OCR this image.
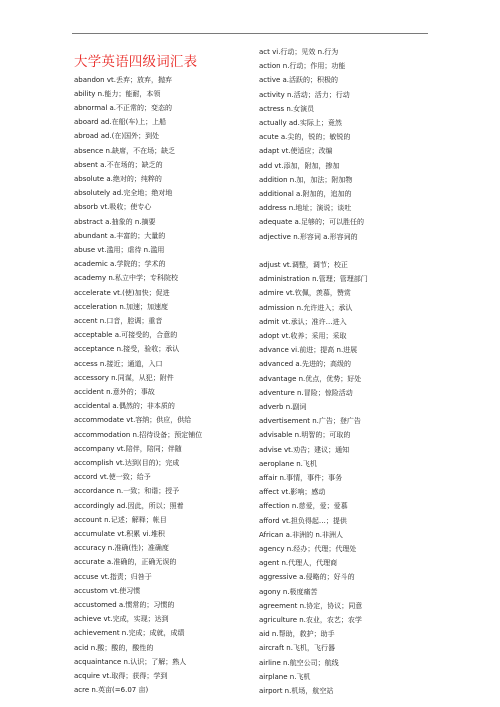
大学英语四级词汇表
abandon vt.丢弃；放弃，抛弃
ability n.能力；能耐，本领
abnormal a.不正常的；变态的
aboard ad.在船(车)上；上船
abroad ad.(在)国外；到处
absence n.缺席，不在场；缺乏
absent a.不在场的；缺乏的
absolute a.绝对的；纯粹的
absolutely ad.完全地；绝对地
absorb vt.吸收；使专心
abstract a.抽象的 n.摘要
abundant a.丰富的；大量的
abuse vt.滥用；虐待 n.滥用
academic a.学院的；学术的
academy n.私立中学；专科院校
accelerate vt.(使)加快；促进
acceleration n.加速；加速度
accent n.口音，腔调；重音
acceptable a.可接受的，合意的
acceptance n.接受，验收；承认
access n.接近；通道，入口
accessory n.同谋，从犯；附件
accident n.意外的；事故
accidental a.偶然的；非本质的
accommodate vt.容纳；供应，供给
accommodation n.招待设备；预定铺位
accompany vt.陪伴，陪同；伴随
accomplish vt.达到(目的)；完成
accord vt.使一致；给予
accordance n.一致；和谐；授予
accordingly ad.因此，所以；照着
account n.记述；解释；帐目
accumulate vt.积累 vi.堆积
accuracy n.准确(性)；准确度
accurate a.准确的，正确无误的
accuse vt.指责；归咎于
accustom vt.使习惯
accustomed a.惯常的；习惯的
achieve vt.完成，实现；达到
achievement n.完成；成就，成绩
acid n.酸；酸的，酸性的
acquaintance n.认识；了解；熟人
acquire vt.取得；获得；学到
acre n.英亩(=6.07 亩)
act vi.行动；见效 n.行为
action n.行动；作用；功能
active a.活跃的；积极的
activity n.活动；活力；行动
actress n.女演员
actually ad.实际上；竟然
acute a.尖的，锐的；敏锐的
adapt vt.使适应；改编
add vt.添加，附加，掺加
addition n.加，加法；附加物
additional a.附加的，追加的
address n.地址；演说；谈吐
adequate a.足够的；可以胜任的
adjective n.形容词 a.形容词的
adjust vt.调整，调节；校正
administration n.管理；管理部门
admire vt.钦佩，羡慕，赞赏
admission n.允许进入；承认
admit vt.承认；准许…进入
adopt vt.收养；采用；采取
advance vi.前进；提高 n.进展
advanced a.先进的；高级的
advantage n.优点，优势；好处
adventure n.冒险；惊险活动
adverb n.副词
advertisement n.广告；登广告
advisable n.明智的；可取的
advise vt.劝告；建议；通知
aeroplane n.飞机
affair n.事情，事件；事务
affect vt.影响；感动
affection n.慈爱，爱；爱慕
afford vt.担负得起…；提供
African a.非洲的 n.非洲人
agency n.经办；代理；代理处
agent n.代理人，代理商
aggressive a.侵略的；好斗的
agony n.极度痛苦
agreement n.协定，协议；同意
agriculture n.农业，农艺；农学
aid n.帮助，救护；助手
aircraft n.飞机，飞行器
airline n.航空公司；航线
airplane n.飞机
airport n.机场，航空站
